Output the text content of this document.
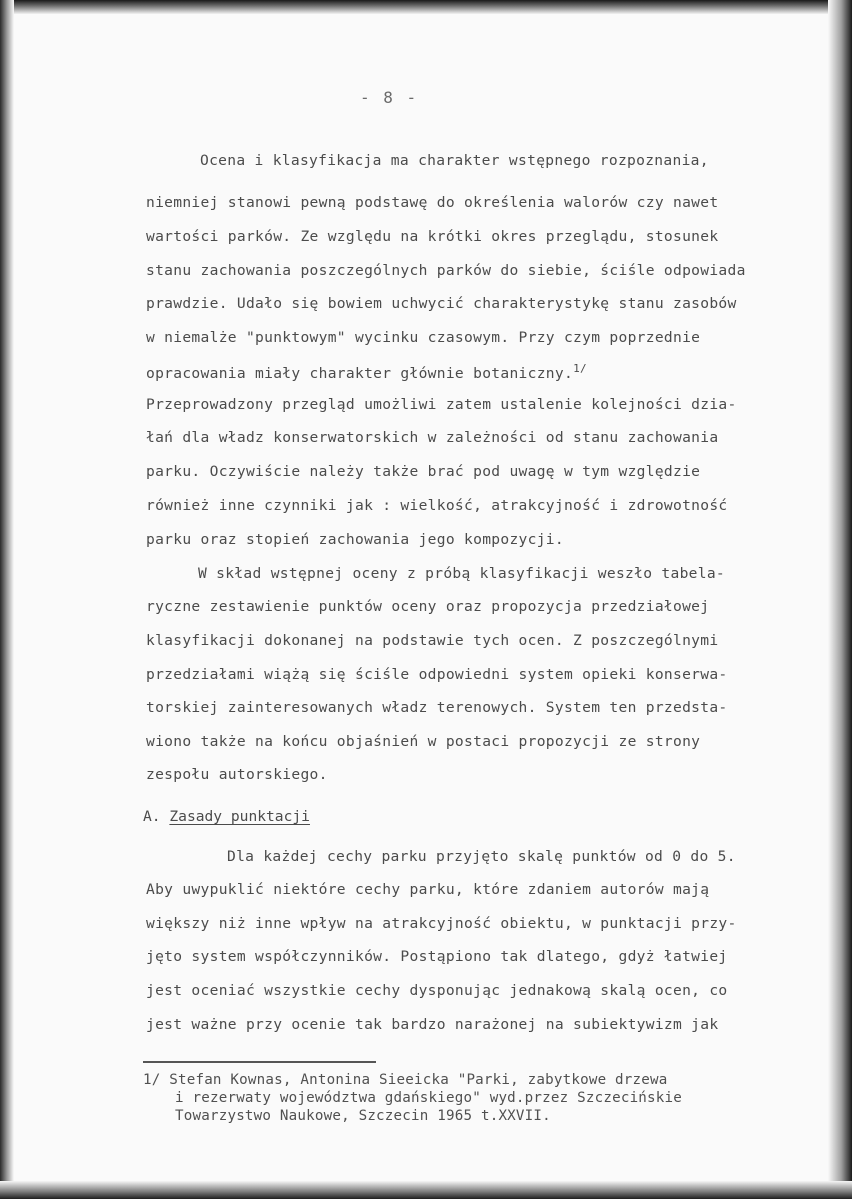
- 8 -
Ocena i klasyfikacja ma charakter wstępnego rozpoznania,
niemniej stanowi pewną podstawę do określenia walorów czy nawet
wartości parków. Ze względu na krótki okres przeglądu, stosunek
stanu zachowania poszczególnych parków do siebie, ściśle odpowiada
prawdzie. Udało się bowiem uchwycić charakterystykę stanu zasobów
w niemalże "punktowym" wycinku czasowym. Przy czym poprzednie
opracowania miały charakter głównie botaniczny.$^{1/}$
Przeprowadzony przegląd umożliwi zatem ustalenie kolejności dzia-
łań dla władz konserwatorskich w zależności od stanu zachowania
parku. Oczywiście należy także brać pod uwagę w tym względzie
również inne czynniki jak : wielkość, atrakcyjność i zdrowotność
parku oraz stopień zachowania jego kompozycji.
W skład wstępnej oceny z próbą klasyfikacji weszło tabela-
ryczne zestawienie punktów oceny oraz propozycja przedziałowej
klasyfikacji dokonanej na podstawie tych ocen. Z poszczególnymi
przedziałami wiążą się ściśle odpowiedni system opieki konserwa-
torskiej zainteresowanych władz terenowych. System ten przedsta-
wiono także na końcu objaśnień w postaci propozycji ze strony
zespołu autorskiego.
A. Zasady punktacji
Dla każdej cechy parku przyjęto skalę punktów od 0 do 5.
Aby uwypuklić niektóre cechy parku, które zdaniem autorów mają
większy niż inne wpływ na atrakcyjność obiektu, w punktacji przy-
jęto system współczynników. Postąpiono tak dlatego, gdyż łatwiej
jest oceniać wszystkie cechy dysponując jednakową skalą ocen, co
jest ważne przy ocenie tak bardzo narażonej na subiektywizm jak
1/ Stefan Kownas, Antonina Sieeicka "Parki, zabytkowe drzewa
i rezerwaty województwa gdańskiego" wyd.przez Szczecińskie
Towarzystwo Naukowe, Szczecin 1965 t.XXVII.
